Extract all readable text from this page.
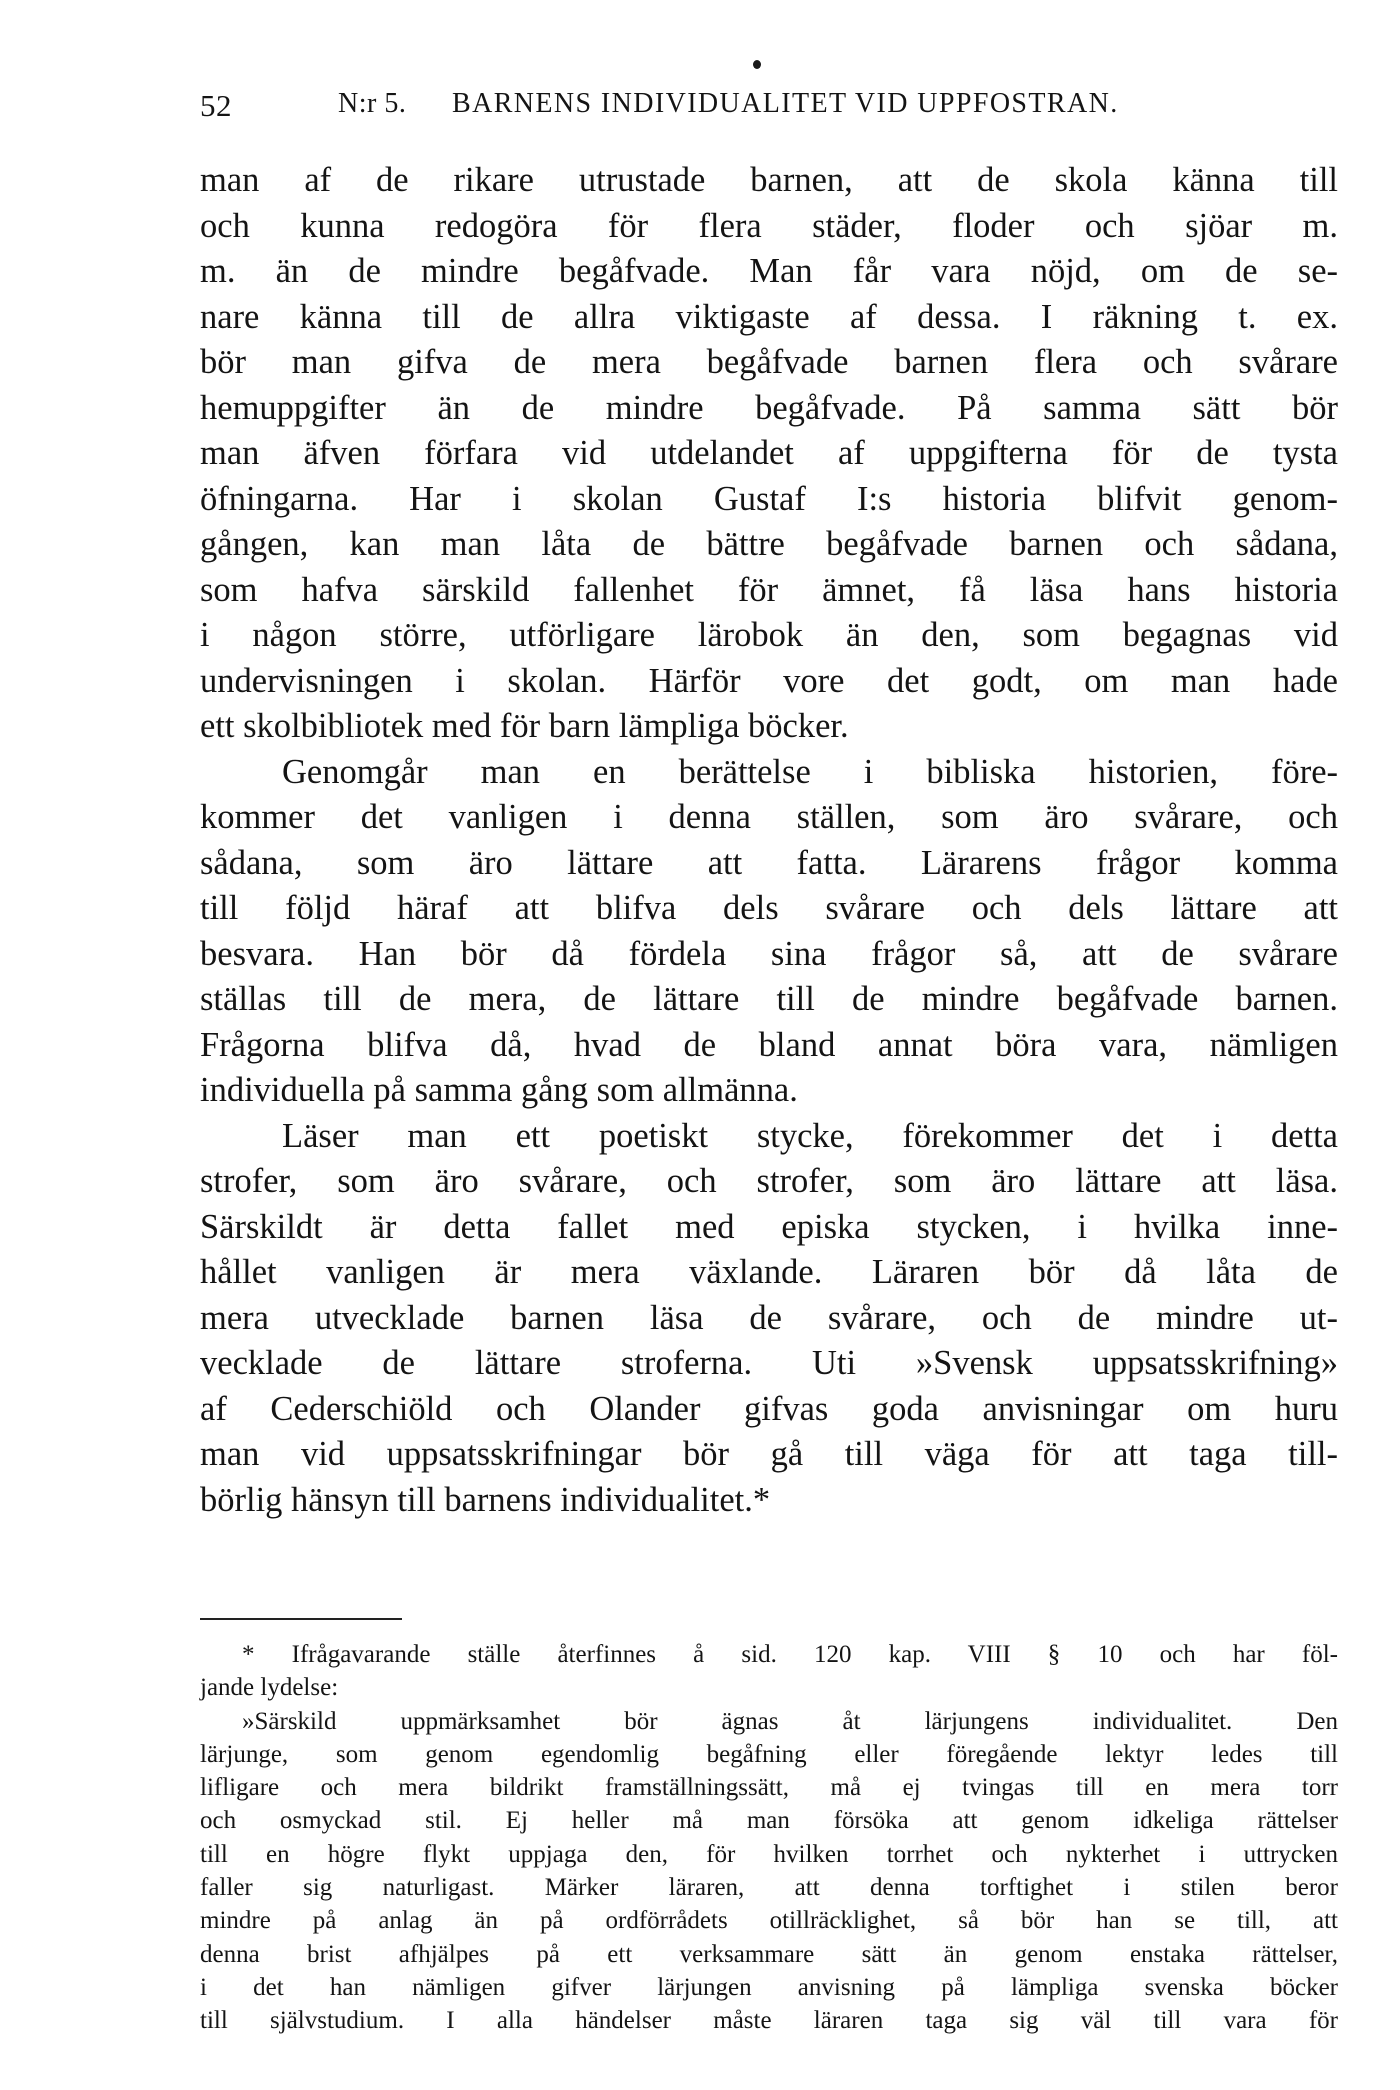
52	N:r 5. BARNENS INDIVIDUALITET VID UPPFOSTRAN.
man af de rikare utrustade barnen, att de skola känna till
och kunna redogöra för flera städer, floder och sjöar m.
m. än de mindre begåfvade. Man får vara nöjd, om de se-
nare känna till de allra viktigaste af dessa. I räkning t. ex.
bör man gifva de mera begåfvade barnen flera och svårare
hemuppgifter än de mindre begåfvade. På samma sätt bör
man äfven förfara vid utdelandet af uppgifterna för de tysta
öfningarna. Har i skolan Gustaf I:s historia blifvit genom-
gången, kan man låta de bättre begåfvade barnen och sådana,
som hafva särskild fallenhet för ämnet, få läsa hans historia
i någon större, utförligare lärobok än den, som begagnas vid
undervisningen i skolan. Härför vore det godt, om man hade
ett skolbibliotek med för barn lämpliga böcker.
Genomgår man en berättelse i bibliska historien, före-
kommer det vanligen i denna ställen, som äro svårare, och
sådana, som äro lättare att fatta. Lärarens frågor komma
till följd häraf att blifva dels svårare och dels lättare att
besvara. Han bör då fördela sina frågor så, att de svårare
ställas till de mera, de lättare till de mindre begåfvade barnen.
Frågorna blifva då, hvad de bland annat böra vara, nämligen
individuella på samma gång som allmänna.
Läser man ett poetiskt stycke, förekommer det i detta
strofer, som äro svårare, och strofer, som äro lättare att läsa.
Särskildt är detta fallet med episka stycken, i hvilka inne-
hållet vanligen är mera växlande. Läraren bör då låta de
mera utvecklade barnen läsa de svårare, och de mindre ut-
vecklade de lättare stroferna. Uti »Svensk uppsatsskrifning»
af Cederschiöld och Olander gifvas goda anvisningar om huru
man vid uppsatsskrifningar bör gå till väga för att taga till-
börlig hänsyn till barnens individualitet.*
* Ifrågavarande ställe återfinnes å sid. 120 kap. VIII § 10 och har föl-
jande lydelse:
»Särskild uppmärksamhet bör ägnas åt lärjungens individualitet. Den
lärjunge, som genom egendomlig begåfning eller föregående lektyr ledes till
lifligare och mera bildrikt framställningssätt, må ej tvingas till en mera torr
och osmyckad stil. Ej heller må man försöka att genom idkeliga rättelser
till en högre flykt uppjaga den, för hvilken torrhet och nykterhet i uttrycken
faller sig naturligast. Märker läraren, att denna torftighet i stilen beror
mindre på anlag än på ordförrådets otillräcklighet, så bör han se till, att
denna brist afhjälpes på ett verksammare sätt än genom enstaka rättelser,
i det han nämligen gifver lärjungen anvisning på lämpliga svenska böcker
till självstudium. I alla händelser måste läraren taga sig väl till vara för
